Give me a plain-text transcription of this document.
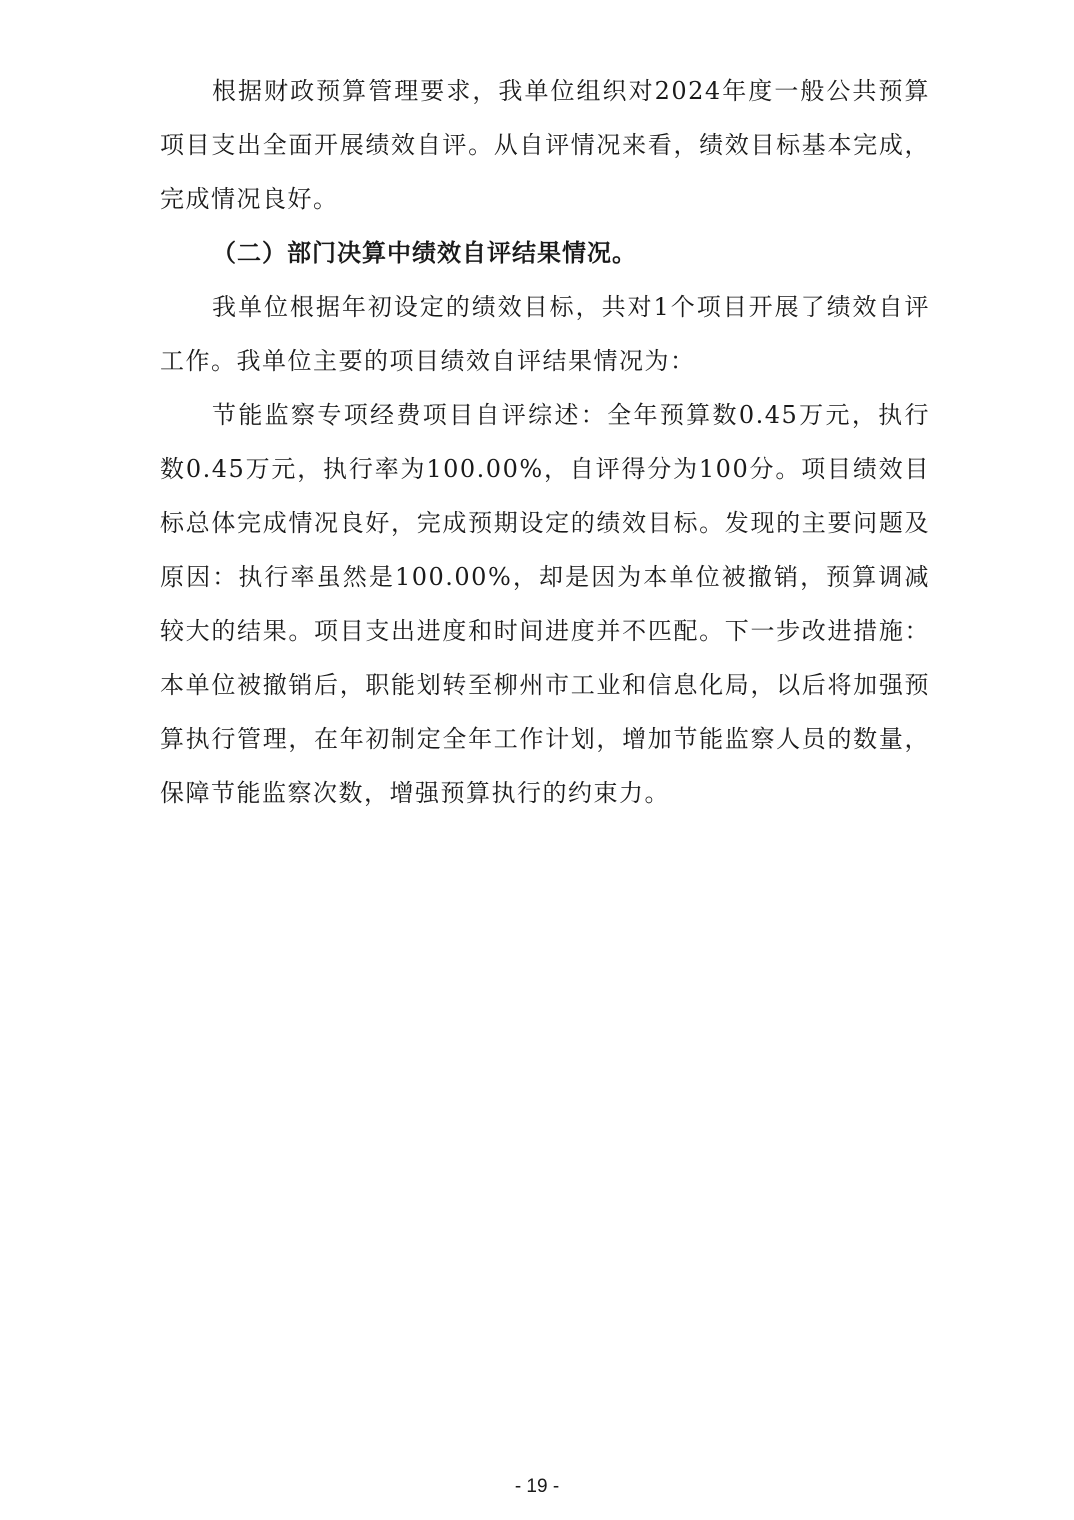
根据财政预算管理要求，我单位组织对2024年度一般公共预算项目支出全面开展绩效自评。从自评情况来看，绩效目标基本完成，完成情况良好。

（二）部门决算中绩效自评结果情况。

我单位根据年初设定的绩效目标，共对1个项目开展了绩效自评工作。我单位主要的项目绩效自评结果情况为：

节能监察专项经费项目自评综述：全年预算数0.45万元，执行数0.45万元，执行率为100.00%，自评得分为100分。项目绩效目标总体完成情况良好，完成预期设定的绩效目标。发现的主要问题及原因：执行率虽然是100.00%，却是因为本单位被撤销，预算调减较大的结果。项目支出进度和时间进度并不匹配。下一步改进措施：本单位被撤销后，职能划转至柳州市工业和信息化局，以后将加强预算执行管理，在年初制定全年工作计划，增加节能监察人员的数量，保障节能监察次数，增强预算执行的约束力。

- 19 -
